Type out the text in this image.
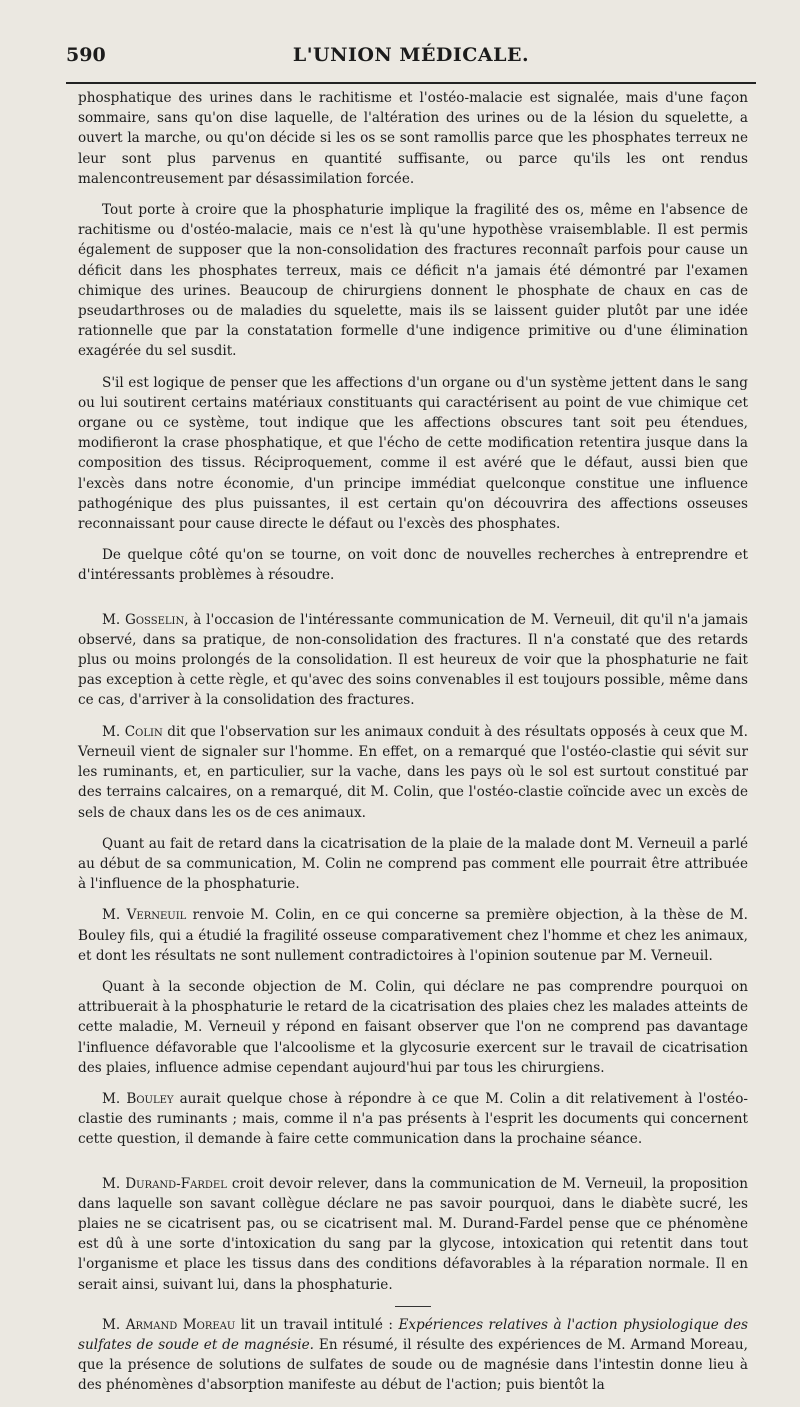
590	L'UNION MÉDICALE.

phosphatique des urines dans le rachitisme et l'ostéo-malacie est signalée, mais d'une façon sommaire, sans qu'on dise laquelle, de l'altération des urines ou de la lésion du squelette, a ouvert la marche, ou qu'on décide si les os se sont ramollis parce que les phosphates terreux ne leur sont plus parvenus en quantité suffisante, ou parce qu'ils les ont rendus malencontreusement par désassimilation forcée.

Tout porte à croire que la phosphaturie implique la fragilité des os, même en l'absence de rachitisme ou d'ostéo-malacie, mais ce n'est là qu'une hypothèse vraisemblable. Il est permis également de supposer que la non-consolidation des fractures reconnaît parfois pour cause un déficit dans les phosphates terreux, mais ce déficit n'a jamais été démontré par l'examen chimique des urines. Beaucoup de chirurgiens donnent le phosphate de chaux en cas de pseudarthroses ou de maladies du squelette, mais ils se laissent guider plutôt par une idée rationnelle que par la constatation formelle d'une indigence primitive ou d'une élimination exagérée du sel susdit.

S'il est logique de penser que les affections d'un organe ou d'un système jettent dans le sang ou lui soutirent certains matériaux constituants qui caractérisent au point de vue chimique cet organe ou ce système, tout indique que les affections obscures tant soit peu étendues, modifieront la crase phosphatique, et que l'écho de cette modification retentira jusque dans la composition des tissus. Réciproquement, comme il est avéré que le défaut, aussi bien que l'excès dans notre économie, d'un principe immédiat quelconque constitue une influence pathogénique des plus puissantes, il est certain qu'on découvrira des affections osseuses reconnaissant pour cause directe le défaut ou l'excès des phosphates.

De quelque côté qu'on se tourne, on voit donc de nouvelles recherches à entreprendre et d'intéressants problèmes à résoudre.

M. Gosselin, à l'occasion de l'intéressante communication de M. Verneuil, dit qu'il n'a jamais observé, dans sa pratique, de non-consolidation des fractures. Il n'a constaté que des retards plus ou moins prolongés de la consolidation. Il est heureux de voir que la phosphaturie ne fait pas exception à cette règle, et qu'avec des soins convenables il est toujours possible, même dans ce cas, d'arriver à la consolidation des fractures.

M. Colin dit que l'observation sur les animaux conduit à des résultats opposés à ceux que M. Verneuil vient de signaler sur l'homme. En effet, on a remarqué que l'ostéo-clastie qui sévit sur les ruminants, et, en particulier, sur la vache, dans les pays où le sol est surtout constitué par des terrains calcaires, on a remarqué, dit M. Colin, que l'ostéo-clastie coïncide avec un excès de sels de chaux dans les os de ces animaux.

Quant au fait de retard dans la cicatrisation de la plaie de la malade dont M. Verneuil a parlé au début de sa communication, M. Colin ne comprend pas comment elle pourrait être attribuée à l'influence de la phosphaturie.

M. Verneuil renvoie M. Colin, en ce qui concerne sa première objection, à la thèse de M. Bouley fils, qui a étudié la fragilité osseuse comparativement chez l'homme et chez les animaux, et dont les résultats ne sont nullement contradictoires à l'opinion soutenue par M. Verneuil.

Quant à la seconde objection de M. Colin, qui déclare ne pas comprendre pourquoi on attribuerait à la phosphaturie le retard de la cicatrisation des plaies chez les malades atteints de cette maladie, M. Verneuil y répond en faisant observer que l'on ne comprend pas davantage l'influence défavorable que l'alcoolisme et la glycosurie exercent sur le travail de cicatrisation des plaies, influence admise cependant aujourd'hui par tous les chirurgiens.

M. Bouley aurait quelque chose à répondre à ce que M. Colin a dit relativement à l'ostéo-clastie des ruminants ; mais, comme il n'a pas présents à l'esprit les documents qui concernent cette question, il demande à faire cette communication dans la prochaine séance.

M. Durand-Fardel croit devoir relever, dans la communication de M. Verneuil, la proposition dans laquelle son savant collègue déclare ne pas savoir pourquoi, dans le diabète sucré, les plaies ne se cicatrisent pas, ou se cicatrisent mal. M. Durand-Fardel pense que ce phénomène est dû à une sorte d'intoxication du sang par la glycose, intoxication qui retentit dans tout l'organisme et place les tissus dans des conditions défavorables à la réparation normale. Il en serait ainsi, suivant lui, dans la phosphaturie.

M. Armand Moreau lit un travail intitulé : Expériences relatives à l'action physiologique des sulfates de soude et de magnésie. En résumé, il résulte des expériences de M. Armand Moreau, que la présence de solutions de sulfates de soude ou de magnésie dans l'intestin donne lieu à des phénomènes d'absorption manifeste au début de l'action; puis bientôt la
